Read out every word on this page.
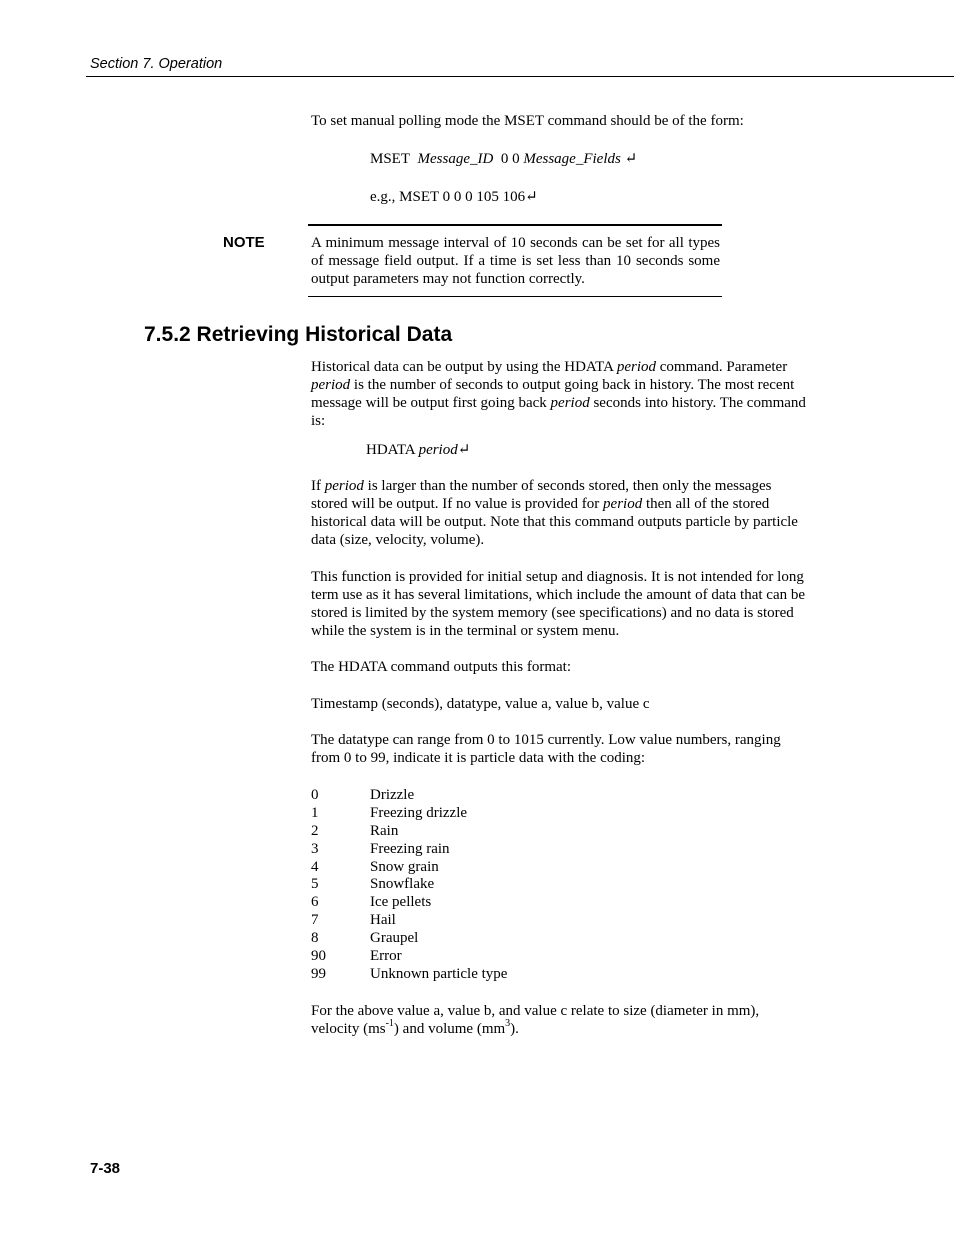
Section 7. Operation

To set manual polling mode the MSET command should be of the form:

MSET Message_ID 0 0 Message_Fields ↵

e.g., MSET 0 0 0 105 106↵

NOTE	A minimum message interval of 10 seconds can be set for all types of message field output. If a time is set less than 10 seconds some output parameters may not function correctly.
7.5.2 Retrieving Historical Data

Historical data can be output by using the HDATA period command. Parameter period is the number of seconds to output going back in history. The most recent message will be output first going back period seconds into history. The command is:

HDATA period↵

If period is larger than the number of seconds stored, then only the messages stored will be output. If no value is provided for period then all of the stored historical data will be output. Note that this command outputs particle by particle data (size, velocity, volume).

This function is provided for initial setup and diagnosis. It is not intended for long term use as it has several limitations, which include the amount of data that can be stored is limited by the system memory (see specifications) and no data is stored while the system is in the terminal or system menu.

The HDATA command outputs this format:

Timestamp (seconds), datatype, value a, value b, value c

The datatype can range from 0 to 1015 currently. Low value numbers, ranging from 0 to 99, indicate it is particle data with the coding:

0	Drizzle
1	Freezing drizzle
2	Rain
3	Freezing rain
4	Snow grain
5	Snowflake
6	Ice pellets
7	Hail
8	Graupel
90	Error
99	Unknown particle type

For the above value a, value b, and value c relate to size (diameter in mm), velocity $(ms^{-1})$ and volume $(mm^3)$.

7-38
